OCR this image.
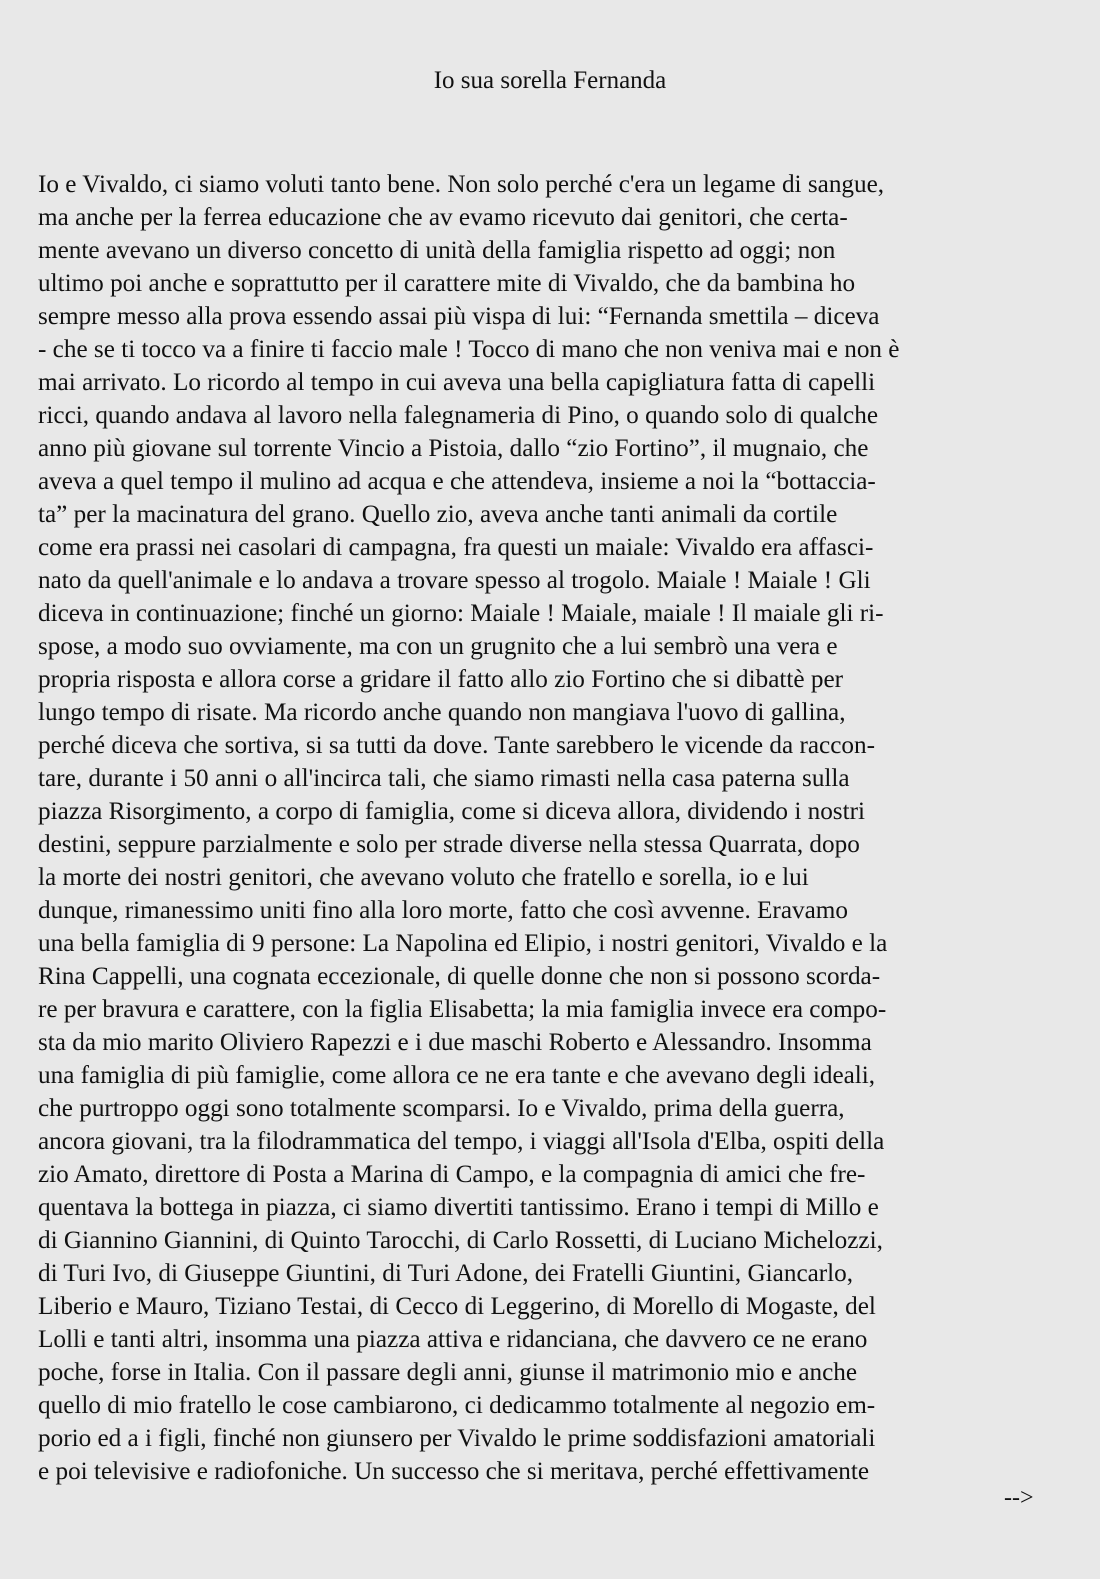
Io sua sorella Fernanda
Io e Vivaldo, ci siamo voluti tanto bene. Non solo perché c'era un legame di sangue,
ma anche per la ferrea educazione che av evamo ricevuto dai genitori, che certa-
mente avevano un diverso concetto di unità della famiglia rispetto ad oggi; non
ultimo poi anche e soprattutto per il carattere mite di Vivaldo, che da bambina ho
sempre messo alla prova essendo assai più vispa di lui: “Fernanda smettila – diceva
- che se ti tocco va a finire ti faccio male ! Tocco di mano che non veniva mai e non è
mai arrivato. Lo ricordo al tempo in cui aveva una bella capigliatura fatta di capelli
ricci, quando andava al lavoro nella falegnameria di Pino, o quando solo di qualche
anno più giovane sul torrente Vincio a Pistoia, dallo “zio Fortino”, il mugnaio, che
aveva a quel tempo il mulino ad acqua e che attendeva, insieme a noi la “bottaccia-
ta” per la macinatura del grano. Quello zio, aveva anche tanti animali da cortile
come era prassi nei casolari di campagna, fra questi un maiale: Vivaldo era affasci-
nato da quell'animale e lo andava a trovare spesso al trogolo. Maiale ! Maiale ! Gli
diceva in continuazione; finché un giorno: Maiale ! Maiale, maiale ! Il maiale gli ri-
spose, a modo suo ovviamente, ma con un grugnito che a lui sembrò una vera e
propria risposta e allora corse a gridare il fatto allo zio Fortino che si dibattè per
lungo tempo di risate. Ma ricordo anche quando non mangiava l'uovo di gallina,
perché diceva che sortiva, si sa tutti da dove. Tante sarebbero le vicende da raccon-
tare, durante i 50 anni o all'incirca tali, che siamo rimasti nella casa paterna sulla
piazza Risorgimento, a corpo di famiglia, come si diceva allora, dividendo i nostri
destini, seppure parzialmente e solo per strade diverse nella stessa Quarrata, dopo
la morte dei nostri genitori, che avevano voluto che fratello e sorella, io e lui
dunque, rimanessimo uniti fino alla loro morte, fatto che così avvenne. Eravamo
una bella famiglia di 9 persone: La Napolina ed Elipio, i nostri genitori, Vivaldo e la
Rina Cappelli, una cognata eccezionale, di quelle donne che non si possono scorda-
re per bravura e carattere, con la figlia Elisabetta; la mia famiglia invece era compo-
sta da mio marito Oliviero Rapezzi e i due maschi Roberto e Alessandro. Insomma
una famiglia di più famiglie, come allora ce ne era tante e che avevano degli ideali,
che purtroppo oggi sono totalmente scomparsi. Io e Vivaldo, prima della guerra,
ancora giovani, tra la filodrammatica del tempo, i viaggi all'Isola d'Elba, ospiti della
zio Amato, direttore di Posta a Marina di Campo, e la compagnia di amici che fre-
quentava la bottega in piazza, ci siamo divertiti tantissimo. Erano i tempi di Millo e
di Giannino Giannini, di Quinto Tarocchi, di Carlo Rossetti, di Luciano Michelozzi,
di Turi Ivo, di Giuseppe Giuntini, di Turi Adone, dei Fratelli Giuntini, Giancarlo,
Liberio e Mauro, Tiziano Testai, di Cecco di Leggerino, di Morello di Mogaste, del
Lolli e tanti altri, insomma una piazza attiva e ridanciana, che davvero ce ne erano
poche, forse in Italia. Con il passare degli anni, giunse il matrimonio mio e anche
quello di mio fratello le cose cambiarono, ci dedicammo totalmente al negozio em-
porio ed a i figli, finché non giunsero per Vivaldo le prime soddisfazioni amatoriali
e poi televisive e radiofoniche. Un successo che si meritava, perché effettivamente
-->
